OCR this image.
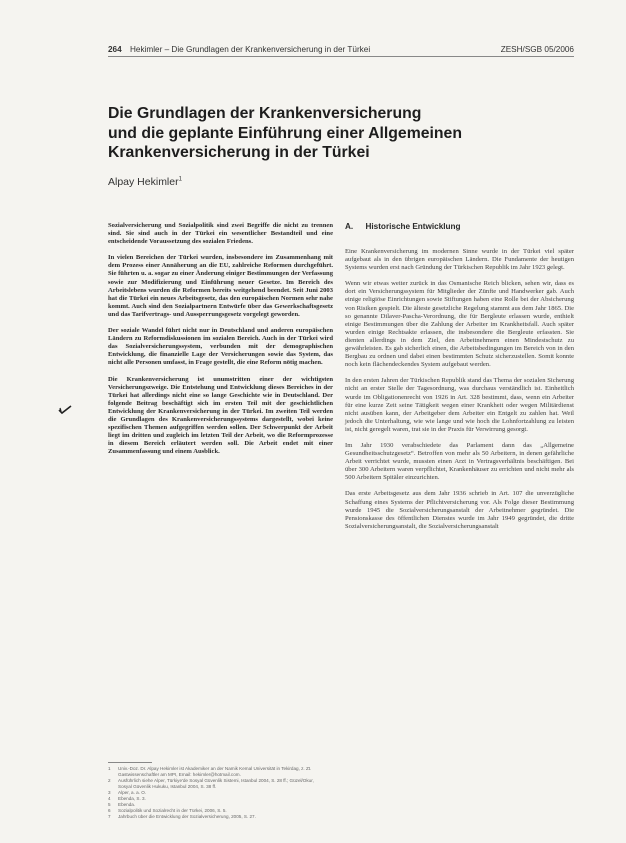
264 Hekimler – Die Grundlagen der Krankenversicherung in der Türkei	ZESH/SGB 05/2006
Die Grundlagen der Krankenversicherung
und die geplante Einführung einer Allgemeinen
Krankenversicherung in der Türkei
Alpay Hekimler$^1$

Sozialversicherung und Sozialpolitik sind zwei Begriffe die nicht zu trennen sind. Sie sind auch in der Türkei ein wesentlicher Bestandteil und eine entscheidende Voraussetzung des sozialen Friedens.

In vielen Bereichen der Türkei wurden, insbesondere im Zusammenhang mit dem Prozess einer Annäherung an die EU, zahlreiche Reformen durchgeführt. Sie führten u. a. sogar zu einer Änderung einiger Bestimmungen der Verfassung sowie zur Modifizierung und Einführung neuer Gesetze. Im Bereich des Arbeitslebens wurden die Reformen bereits weitgehend beendet. Seit Juni 2003 hat die Türkei ein neues Arbeitsgesetz, das den europäischen Normen sehr nahe kommt. Auch sind den Sozialpartnern Entwürfe über das Gewerkschaftsgesetz und das Tarifvertrags- und Aussperrungsgesetz vorgelegt geworden.

Der soziale Wandel führt nicht nur in Deutschland und anderen europäischen Ländern zu Reformdiskussionen im sozialen Bereich. Auch in der Türkei wird das Sozialversicherungssystem, verbunden mit der demographischen Entwicklung, die finanzielle Lage der Versicherungen sowie das System, das nicht alle Personen umfasst, in Frage gestellt, die eine Reform nötig machen.

Die Krankenversicherung ist unumstritten einer der wichtigsten Versicherungszweige. Die Entstehung und Entwicklung dieses Bereiches in der Türkei hat allerdings nicht eine so lange Geschichte wie in Deutschland. Der folgende Beitrag beschäftigt sich im ersten Teil mit der geschichtlichen Entwicklung der Krankenversicherung in der Türkei. Im zweiten Teil werden die Grundlagen des Krankenversicherungssystems dargestellt, wobei keine spezifischen Themen aufgegriffen werden sollen. Der Schwerpunkt der Arbeit liegt im dritten und zugleich im letzten Teil der Arbeit, wo die Reformprozesse in diesem Bereich erläutert werden soll. Die Arbeit endet mit einer Zusammenfassung und einem Ausblick.

A. Historische Entwicklung

Eine Krankenversicherung im modernen Sinne wurde in der Türkei viel später aufgebaut als in den übrigen europäischen Ländern. Die Fundamente der heutigen Systems wurden erst nach Gründung der Türkischen Republik im Jahr 1923 gelegt.

Wenn wir etwas weiter zurück in das Osmanische Reich blicken, sehen wir, dass es dort ein Versicherungssystem für Mitglieder der Zünfte und Handwerker gab. Auch einige religiöse Einrichtungen sowie Stiftungen haben eine Rolle bei der Absicherung von Risiken gespielt. Die älteste gesetzliche Regelung stammt aus dem Jahr 1865. Die so genannte Dilaver-Pascha-Verordnung, die für Bergleute erlassen wurde, enthielt einige Bestimmungen über die Zahlung der Arbeiter im Krankheitsfall. Auch später wurden einige Rechtsakte erlassen, die insbesondere die Bergleute erfassten. Sie dienten allerdings in dem Ziel, den Arbeitnehmern einen Mindestschutz zu gewährleisten. Es gab sicherlich einen, die Arbeitsbedingungen im Bereich von in den Bergbau zu ordnen und dabei einen bestimmten Schutz sicherzustellen. Somit konnte noch kein flächendeckendes System aufgebaut werden.

In den ersten Jahren der Türkischen Republik stand das Thema der sozialen Sicherung nicht an erster Stelle der Tagesordnung, was durchaus verständlich ist. Einheitlich wurde im Obligationenrecht von 1926 in Art. 328 bestimmt, dass, wenn ein Arbeiter für eine kurze Zeit seine Tätigkeit wegen einer Krankheit oder wegen Militärdienst nicht ausüben kann, der Arbeitgeber dem Arbeiter ein Entgelt zu zahlen hat. Weil jedoch die Unterhaltung, wie wie lange und wie hoch die Lohnfortzahlung zu leisten ist, nicht geregelt waren, trat sie in der Praxis für Verwirrung gesorgt.

Im Jahr 1930 verabschiedete das Parlament dann das „Allgemeine Gesundheitsschutzgesetz“. Betroffen von mehr als 50 Arbeitern, in denen gefährliche Arbeit verrichtet wurde, mussten einen Arzt in Vertragsverhältnis beschäftigen. Bei über 300 Arbeitern waren verpflichtet, Krankenhäuser zu errichten und nicht mehr als 500 Arbeitern Spitäler einzurichten.

Das erste Arbeitsgesetz aus dem Jahr 1936 schrieb in Art. 107 die unverzügliche Schaffung eines Systems der Pflichtversicherung vor. Als Folge dieser Bestimmung wurde 1945 die Sozialversicherungsanstalt der Arbeitnehmer gegründet. Die Pensionskasse des öffentlichen Dienstes wurde im Jahr 1949 gegründet, die dritte Sozialversicherungsanstalt, die Sozialversicherungsanstalt

1	Univ.-Doz. Dr. Alpay Hekimler ist Akademiker an der Namik Kemal Universität in Tekirdag, z. Zt. Gastwissenschaftler am MPI, Email: hekimler@hotmail.com.
2	Ausführlich siehe Alper, Türkiye'de Sosyal Güvenlik Sistemi, Istanbul 2004, S. 28 ff.; Güzel/Okur, Sosyal Güvenlik Hukuku, Istanbul 2004, S. 38 ff.
3	Alper, a. a. O.
4	Ebenda, S. 3.
5	Ebenda.
6	Sozialpolitik und Sozialrecht in der Türkei, 2006, S. 5.
7	Jahrbuch über die Entwicklung der Sozialversicherung, 2005, S. 27.
